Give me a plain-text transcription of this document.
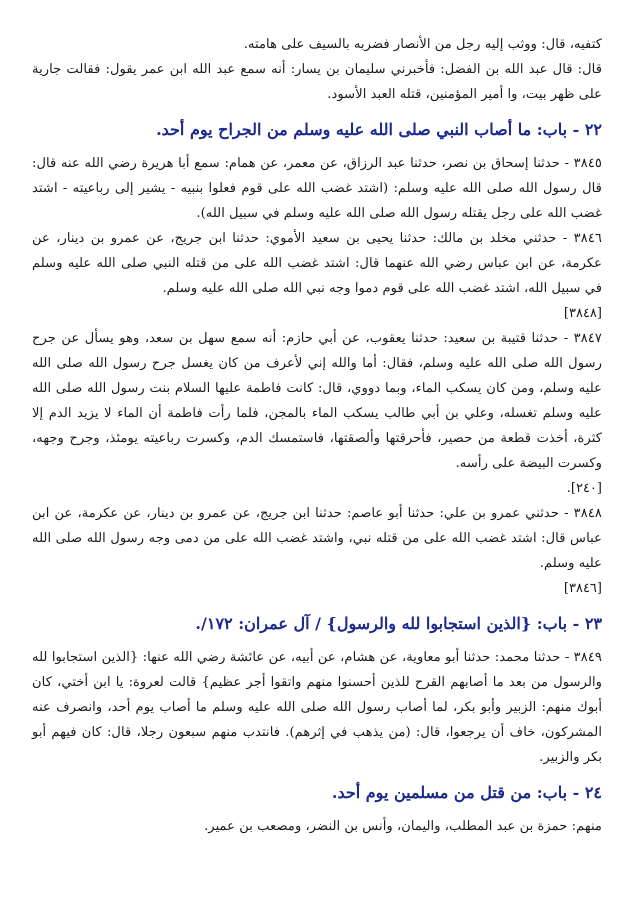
كتفيه، قال: ووثب إليه رجل من الأنصار فضربه بالسيف على هامته.

قال: قال عبد الله بن الفضل: فأخبرني سليمان بن يسار: أنه سمع عبد الله ابن عمر يقول: فقالت جارية على ظهر بيت، وا أمير المؤمنين، قتله العبد الأسود.

٢٢ - باب: ما أصاب النبي صلى الله عليه وسلم من الجراح يوم أحد.

٣٨٤٥ - حدثنا إسحاق بن نصر، حدثنا عبد الرزاق، عن معمر، عن همام: سمع أبا هريرة رضي الله عنه قال: قال رسول الله صلى الله عليه وسلم: (اشتد غضب الله على قوم فعلوا بنبيه - يشير إلى رباعيته - اشتد غضب الله على رجل يقتله رسول الله صلى الله عليه وسلم في سبيل الله).

٣٨٤٦ - حدثني مخلد بن مالك: حدثنا يحيى بن سعيد الأموي: حدثنا ابن جريج، عن عمرو بن دينار، عن عكرمة، عن ابن عباس رضي الله عنهما قال: اشتد غضب الله على من قتله النبي صلى الله عليه وسلم في سبيل الله، اشتد غضب الله على قوم دموا وجه نبي الله صلى الله عليه وسلم.

[٣٨٤٨]

٣٨٤٧ - حدثنا قتيبة بن سعيد: حدثنا يعقوب، عن أبي حازم: أنه سمع سهل بن سعد، وهو يسأل عن جرح رسول الله صلى الله عليه وسلم، فقال: أما والله إني لأعرف من كان يغسل جرح رسول الله صلى الله عليه وسلم، ومن كان يسكب الماء، وبما دووي، قال: كانت فاطمة عليها السلام بنت رسول الله صلى الله عليه وسلم تغسله، وعلي بن أبي طالب يسكب الماء بالمجن، فلما رأت فاطمة أن الماء لا يزيد الدم إلا كثرة، أخذت قطعة من حصير، فأحرقتها وألصقتها، فاستمسك الدم، وكسرت رباعيته يومئذ، وجرح وجهه، وكسرت البيضة على رأسه.

[٢٤٠].

٣٨٤٨ - حدثني عمرو بن علي: حدثنا أبو عاصم: حدثنا ابن جريج، عن عمرو بن دينار، عن عكرمة، عن ابن عباس قال: اشتد غضب الله على من قتله نبي، واشتد غضب الله على من دمى وجه رسول الله صلى الله عليه وسلم.

[٣٨٤٦]

٢٣ - باب: {الذين استجابوا لله والرسول} / آل عمران: ١٧٢/.

٣٨٤٩ - حدثنا محمد: حدثنا أبو معاوية، عن هشام، عن أبيه، عن عائشة رضي الله عنها: {الذين استجابوا لله والرسول من بعد ما أصابهم القرح للذين أحسنوا منهم واتقوا أجر عظيم} قالت لعروة: يا ابن أختي، كان أبوك منهم: الزبير وأبو بكر، لما أصاب رسول الله صلى الله عليه وسلم ما أصاب يوم أحد، وانصرف عنه المشركون، خاف أن يرجعوا، قال: (من يذهب في إثرهم). فانتدب منهم سبعون رجلا، قال: كان فيهم أبو بكر والزبير.

٢٤ - باب: من قتل من مسلمين يوم أحد.

منهم: حمزة بن عبد المطلب، واليمان، وأنس بن النضر، ومصعب بن عمير.
